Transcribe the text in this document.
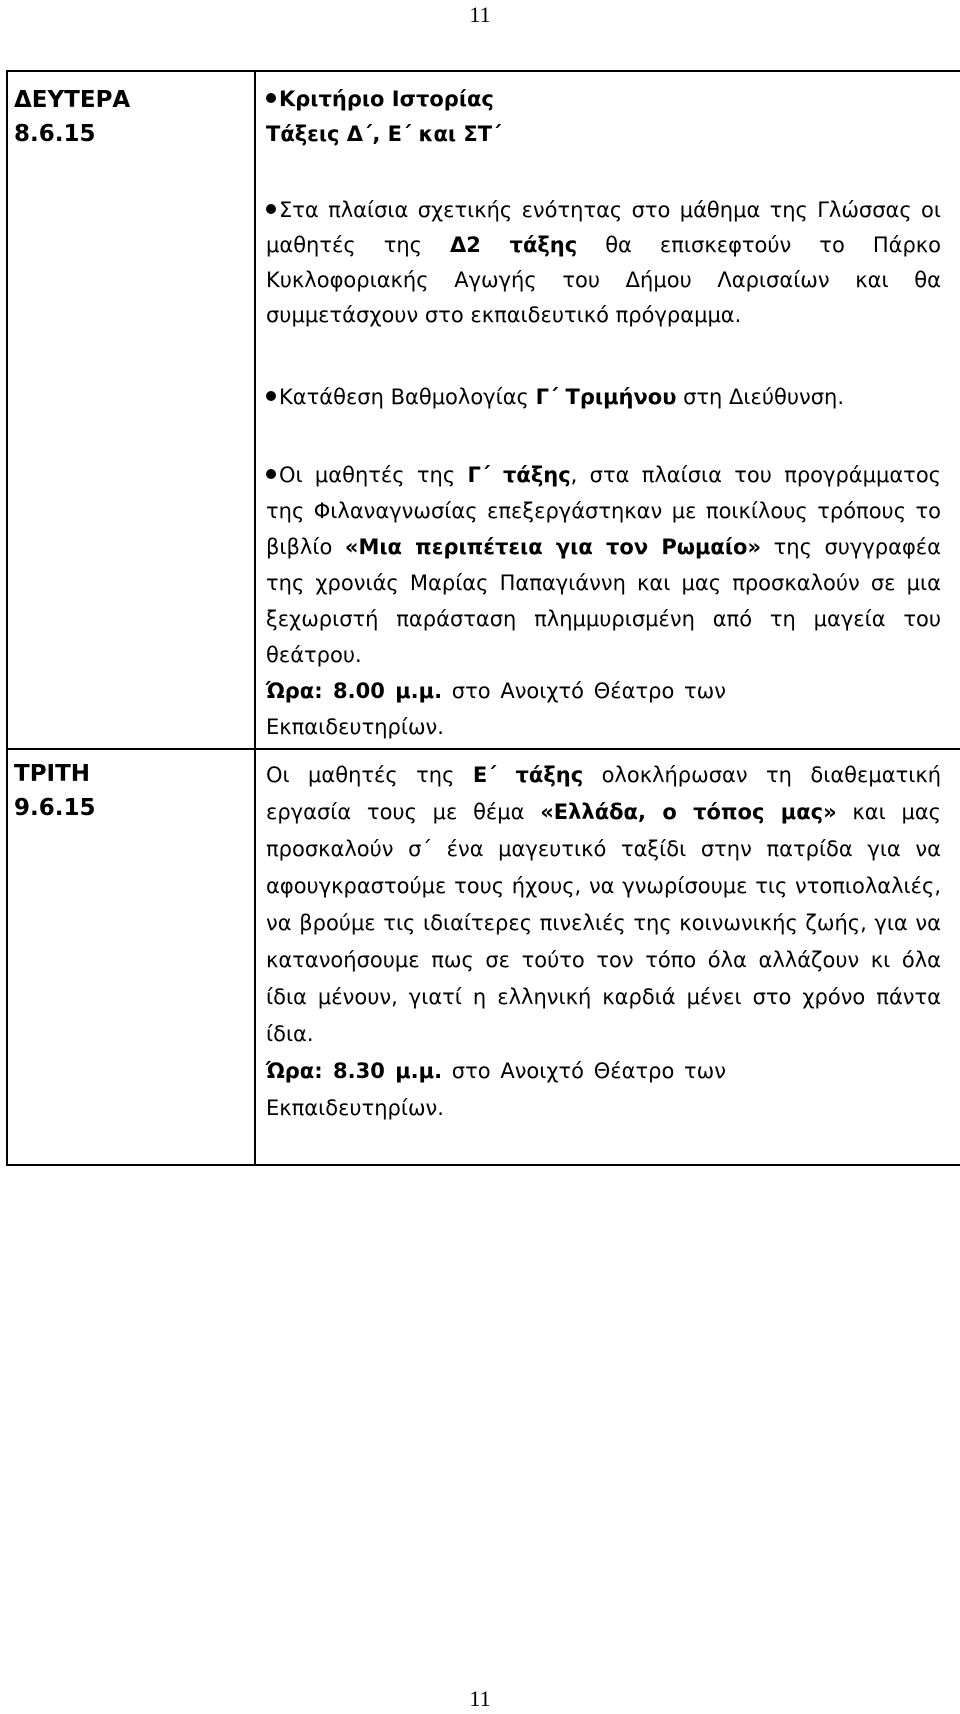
11
ΔΕΥΤΕΡΑ
8.6.15

Κριτήριο Ιστορίας

Τάξεις Δ΄, Ε΄ και ΣΤ΄

Στα πλαίσια σχετικής ενότητας στο μάθημα της Γλώσσας οι μαθητές της Δ2 τάξης θα επισκεφτούν το Πάρκο Κυκλοφοριακής Αγωγής του Δήμου Λαρισαίων και θα συμμετάσχουν στο εκπαιδευτικό πρόγραμμα.

Κατάθεση Βαθμολογίας Γ΄ Τριμήνου στη Διεύθυνση.

Οι μαθητές της Γ΄ τάξης, στα πλαίσια του προγράμματος της Φιλαναγνωσίας επεξεργάστηκαν με ποικίλους τρόπους το βιβλίο «Μια περιπέτεια για τον Ρωμαίο» της συγγραφέα της χρονιάς Μαρίας Παπαγιάννη και μας προσκαλούν σε μια ξεχωριστή παράσταση πλημμυρισμένη από τη μαγεία του θεάτρου.

Ώρα: 8.00 μ.μ. στο Ανοιχτό Θέατρο των Εκπαιδευτηρίων.

ΤΡΙΤΗ
9.6.15

Οι μαθητές της Ε΄ τάξης ολοκλήρωσαν τη διαθεματική εργασία τους με θέμα «Ελλάδα, ο τόπος μας» και μας προσκαλούν σ΄ ένα μαγευτικό ταξίδι στην πατρίδα για να αφουγκραστούμε τους ήχους, να γνωρίσουμε τις ντοπιολαλιές, να βρούμε τις ιδιαίτερες πινελιές της κοινωνικής ζωής, για να κατανοήσουμε πως σε τούτο τον τόπο όλα αλλάζουν κι όλα ίδια μένουν, γιατί η ελληνική καρδιά μένει στο χρόνο πάντα ίδια.

Ώρα: 8.30 μ.μ. στο Ανοιχτό Θέατρο των Εκπαιδευτηρίων.

11
